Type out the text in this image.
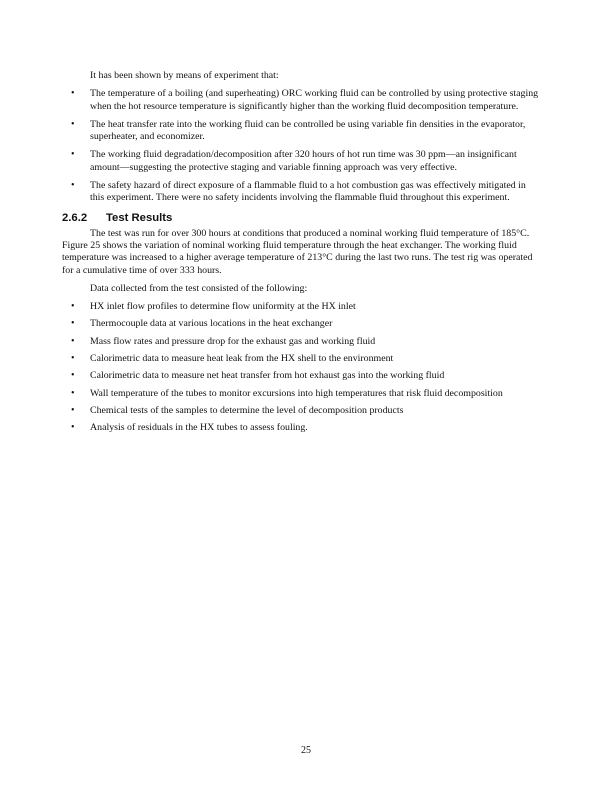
It has been shown by means of experiment that:

• The temperature of a boiling (and superheating) ORC working fluid can be controlled by using protective staging when the hot resource temperature is significantly higher than the working fluid decomposition temperature.
• The heat transfer rate into the working fluid can be controlled be using variable fin densities in the evaporator, superheater, and economizer.
• The working fluid degradation/decomposition after 320 hours of hot run time was 30 ppm—an insignificant amount—suggesting the protective staging and variable finning approach was very effective.
• The safety hazard of direct exposure of a flammable fluid to a hot combustion gas was effectively mitigated in this experiment. There were no safety incidents involving the flammable fluid throughout this experiment.
2.6.2	Test Results

The test was run for over 300 hours at conditions that produced a nominal working fluid temperature of 185°C. Figure 25 shows the variation of nominal working fluid temperature through the heat exchanger. The working fluid temperature was increased to a higher average temperature of 213°C during the last two runs. The test rig was operated for a cumulative time of over 333 hours.

Data collected from the test consisted of the following:

• HX inlet flow profiles to determine flow uniformity at the HX inlet
• Thermocouple data at various locations in the heat exchanger
• Mass flow rates and pressure drop for the exhaust gas and working fluid
• Calorimetric data to measure heat leak from the HX shell to the environment
• Calorimetric data to measure net heat transfer from hot exhaust gas into the working fluid
• Wall temperature of the tubes to monitor excursions into high temperatures that risk fluid decomposition
• Chemical tests of the samples to determine the level of decomposition products
• Analysis of residuals in the HX tubes to assess fouling.
25
